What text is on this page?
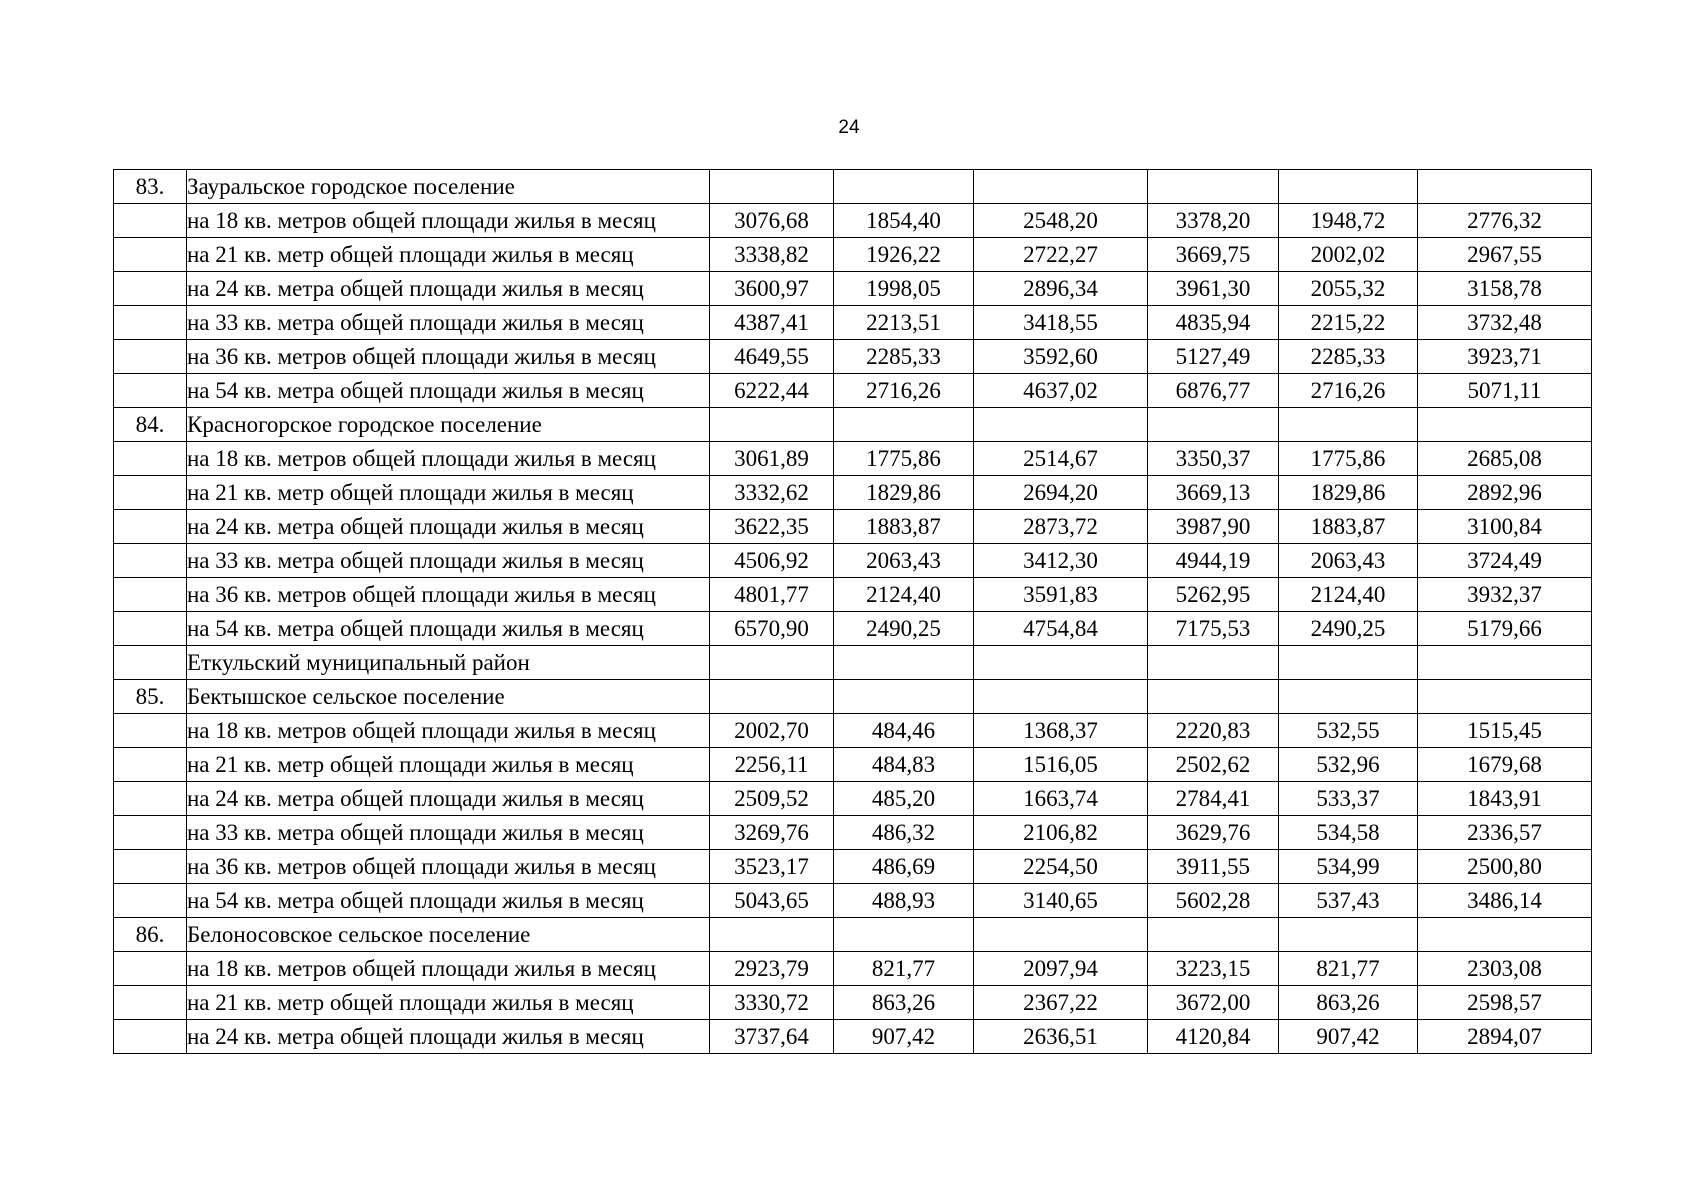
24
83.	Зауральское городское поселение						
	на 18 кв. метров общей площади жилья в месяц	3076,68	1854,40	2548,20	3378,20	1948,72	2776,32
	на 21 кв. метр общей площади жилья в месяц	3338,82	1926,22	2722,27	3669,75	2002,02	2967,55
	на 24 кв. метра общей площади жилья в месяц	3600,97	1998,05	2896,34	3961,30	2055,32	3158,78
	на 33 кв. метра общей площади жилья в месяц	4387,41	2213,51	3418,55	4835,94	2215,22	3732,48
	на 36 кв. метров общей площади жилья в месяц	4649,55	2285,33	3592,60	5127,49	2285,33	3923,71
	на 54 кв. метра общей площади жилья в месяц	6222,44	2716,26	4637,02	6876,77	2716,26	5071,11
84.	Красногорское городское поселение						
	на 18 кв. метров общей площади жилья в месяц	3061,89	1775,86	2514,67	3350,37	1775,86	2685,08
	на 21 кв. метр общей площади жилья в месяц	3332,62	1829,86	2694,20	3669,13	1829,86	2892,96
	на 24 кв. метра общей площади жилья в месяц	3622,35	1883,87	2873,72	3987,90	1883,87	3100,84
	на 33 кв. метра общей площади жилья в месяц	4506,92	2063,43	3412,30	4944,19	2063,43	3724,49
	на 36 кв. метров общей площади жилья в месяц	4801,77	2124,40	3591,83	5262,95	2124,40	3932,37
	на 54 кв. метра общей площади жилья в месяц	6570,90	2490,25	4754,84	7175,53	2490,25	5179,66
	Еткульский муниципальный район						
85.	Бектышское сельское поселение						
	на 18 кв. метров общей площади жилья в месяц	2002,70	484,46	1368,37	2220,83	532,55	1515,45
	на 21 кв. метр общей площади жилья в месяц	2256,11	484,83	1516,05	2502,62	532,96	1679,68
	на 24 кв. метра общей площади жилья в месяц	2509,52	485,20	1663,74	2784,41	533,37	1843,91
	на 33 кв. метра общей площади жилья в месяц	3269,76	486,32	2106,82	3629,76	534,58	2336,57
	на 36 кв. метров общей площади жилья в месяц	3523,17	486,69	2254,50	3911,55	534,99	2500,80
	на 54 кв. метра общей площади жилья в месяц	5043,65	488,93	3140,65	5602,28	537,43	3486,14
86.	Белоносовское сельское поселение						
	на 18 кв. метров общей площади жилья в месяц	2923,79	821,77	2097,94	3223,15	821,77	2303,08
	на 21 кв. метр общей площади жилья в месяц	3330,72	863,26	2367,22	3672,00	863,26	2598,57
	на 24 кв. метра общей площади жилья в месяц	3737,64	907,42	2636,51	4120,84	907,42	2894,07
